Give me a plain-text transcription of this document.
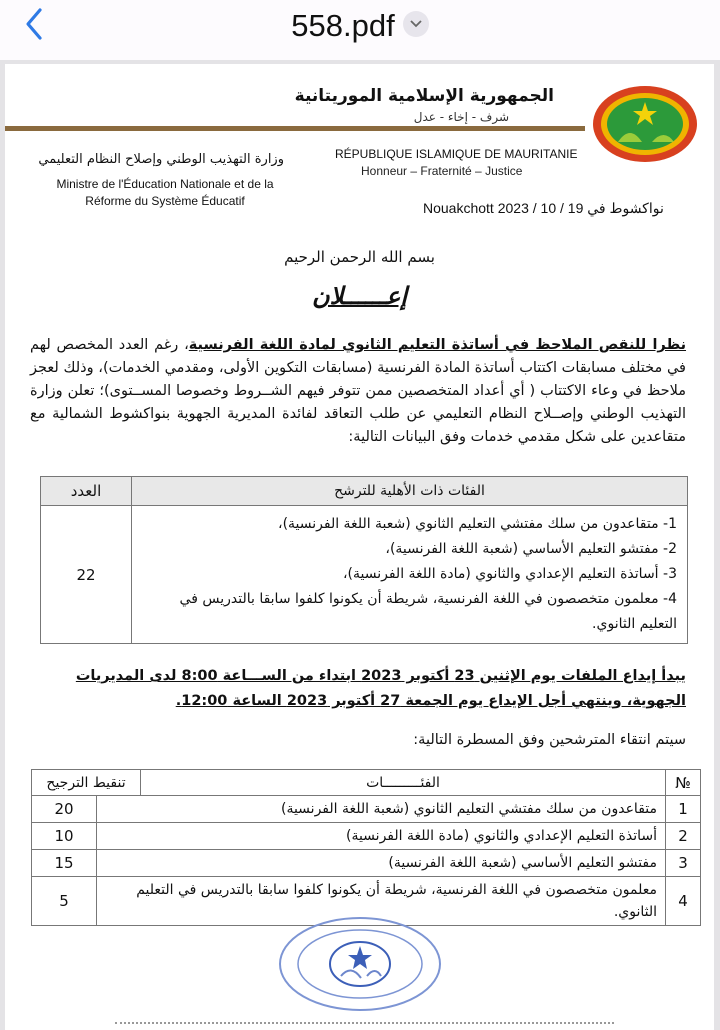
558.pdf
الجمهورية الإسلامية الموريتانية
شرف - إخاء - عدل
RÉPUBLIQUE ISLAMIQUE DE MAURITANIE
Honneur – Fraternité – Justice
وزارة التهذيب الوطني وإصلاح النظام التعليمي
Ministre de l'Éducation Nationale et de la
Réforme du Système Éducatif	نواكشوط في 19 / 10 / 2023 Nouakchott
بسم الله الرحمن الرحيم
إعــــــلان
نظرا للنقص الملاحظ في أساتذة التعليم الثانوي لمادة اللغة الفرنسية، رغم العدد المخصص لهم في مختلف مسابقات اكتتاب أساتذة المادة الفرنسية (مسابقات التكوين الأولى، ومقدمي الخدمات)، وذلك لعجز ملاحظ في وعاء الاكتتاب ( أي أعداد المتخصصين ممن تتوفر فيهم الشــروط وخصوصا المســتوى)؛ تعلن وزارة التهذيب الوطني وإصــلاح النظام التعليمي عن طلب التعاقد لفائدة المديرية الجهوية بنواكشوط الشمالية مع متقاعدين على شكل مقدمي خدمات وفق البيانات التالية:
الفئات ذات الأهلية للترشح	العدد

1- متقاعدون من سلك مفتشي التعليم الثانوي (شعبة اللغة الفرنسية)،
2- مفتشو التعليم الأساسي (شعبة اللغة الفرنسية)،
3- أساتذة التعليم الإعدادي والثانوي (مادة اللغة الفرنسية)،
4- معلمون متخصصون في اللغة الفرنسية، شريطة أن يكونوا كلفوا سابقا بالتدريس في التعليم الثانوي.	22
يبدأ إيداع الملفات يوم الإثنين 23 أكتوبر 2023 ابتداء من الســـاعة 8:00 لدى المديريات الجهوية، وينتهي أجل الإيداع يوم الجمعة 27 أكتوبر 2023 الساعة 12:00.
سيتم انتقاء المترشحين وفق المسطرة التالية:
№	الفئـــــــــات	تنقيط الترجيح	
1	متقاعدون من سلك مفتشي التعليم الثانوي (شعبة اللغة الفرنسية)		20
2	أساتذة التعليم الإعدادي والثانوي (مادة اللغة الفرنسية)		10
3	مفتشو التعليم الأساسي (شعبة اللغة الفرنسية)		15
4	معلمون متخصصون في اللغة الفرنسية، شريطة أن يكونوا كلفوا سابقا بالتدريس في التعليم الثانوي.		5
